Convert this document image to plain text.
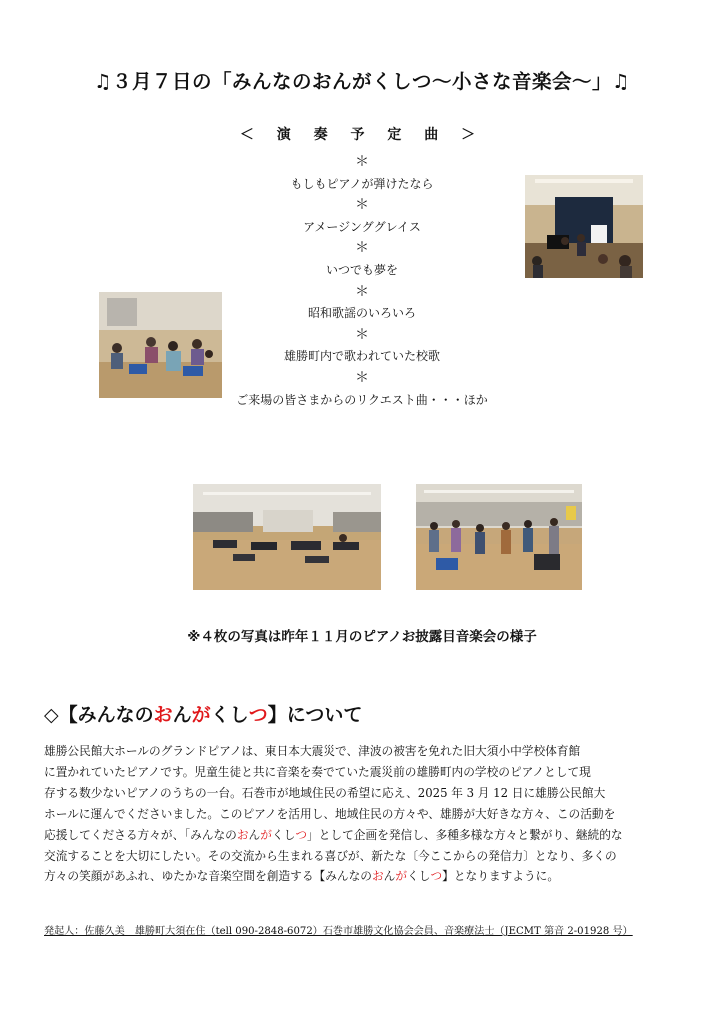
♫３月７日の「みんなのおんがくしつ～小さな音楽会～」♫
＜ 演 奏 予 定 曲 ＞
＊
もしもピアノが弾けたなら
＊
アメージンググレイス
＊
いつでも夢を
＊
昭和歌謡のいろいろ
＊
雄勝町内で歌われていた校歌
＊
ご来場の皆さまからのリクエスト曲・・・ほか
※４枚の写真は昨年１１月のピアノお披露目音楽会の様子
◇【みんなのおんがくしつ】について
雄勝公民館大ホールのグランドピアノは、東日本大震災で、津波の被害を免れた旧大須小中学校体育館
に置かれていたピアノです。児童生徒と共に音楽を奏でていた震災前の雄勝町内の学校のピアノとして現
存する数少ないピアノのうちの一台。石巻市が地域住民の希望に応え、2025 年 3 月 12 日に雄勝公民館大
ホールに運んでくださいました。このピアノを活用し、地域住民の方々や、雄勝が大好きな方々、この活動を
応援してくださる方々が、「みんなのおんがくしつ」として企画を発信し、多種多様な方々と繋がり、継続的な
交流することを大切にしたい。その交流から生まれる喜びが、新たな〔今ここからの発信力〕となり、多くの
方々の笑顔があふれ、ゆたかな音楽空間を創造する【みんなのおんがくしつ】となりますように。
発起人：佐藤久美　雄勝町大須在住（tell 090-2848-6072）石巻市雄勝文化協会会員、音楽療法士（JECMT 第音 2-01928 号）
